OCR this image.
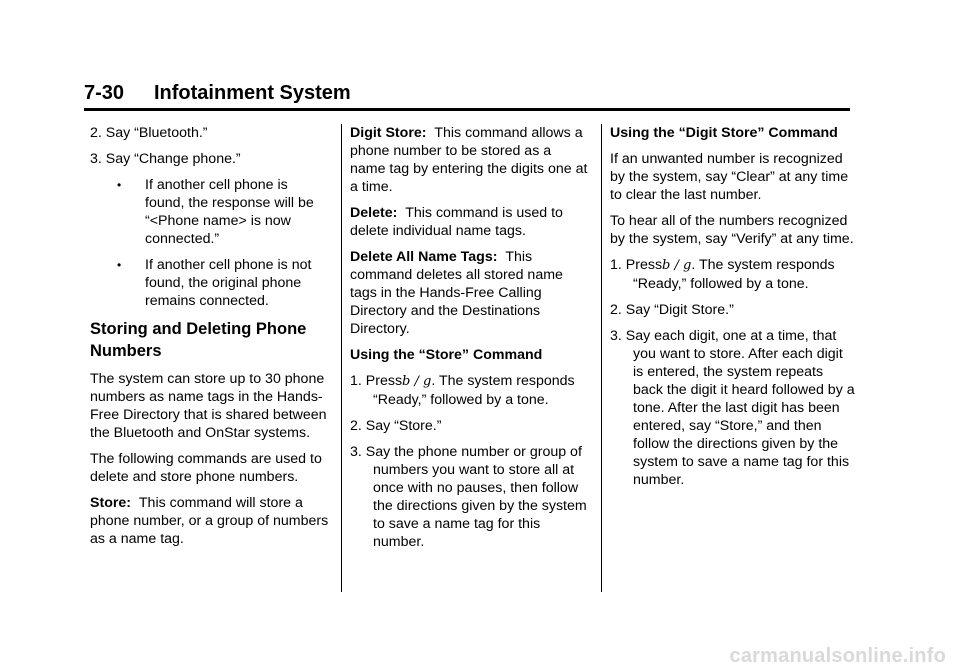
7-30 Infotainment System

2. Say “Bluetooth.”

3. Say “Change phone.”

• If another cell phone is found, the response will be “<Phone name> is now connected.”
• If another cell phone is not found, the original phone remains connected.
Storing and Deleting Phone Numbers

The system can store up to 30 phone numbers as name tags in the Hands-Free Directory that is shared between the Bluetooth and OnStar systems.

The following commands are used to delete and store phone numbers.

Store: This command will store a phone number, or a group of numbers as a name tag.

Digit Store: This command allows a phone number to be stored as a name tag by entering the digits one at a time.

Delete: This command is used to delete individual name tags.

Delete All Name Tags: This command deletes all stored name tags in the Hands-Free Calling Directory and the Destinations Directory.

Using the “Store” Command

1. Pressb / g. The system responds “Ready,” followed by a tone.

2. Say “Store.”

3. Say the phone number or group of numbers you want to store all at once with no pauses, then follow the directions given by the system to save a name tag for this number.

Using the “Digit Store” Command

If an unwanted number is recognized by the system, say “Clear” at any time to clear the last number.

To hear all of the numbers recognized by the system, say “Verify” at any time.

1. Pressb / g. The system responds “Ready,” followed by a tone.

2. Say “Digit Store.”

3. Say each digit, one at a time, that you want to store. After each digit is entered, the system repeats back the digit it heard followed by a tone. After the last digit has been entered, say “Store,” and then follow the directions given by the system to save a name tag for this number.

carmanualsonline.info
